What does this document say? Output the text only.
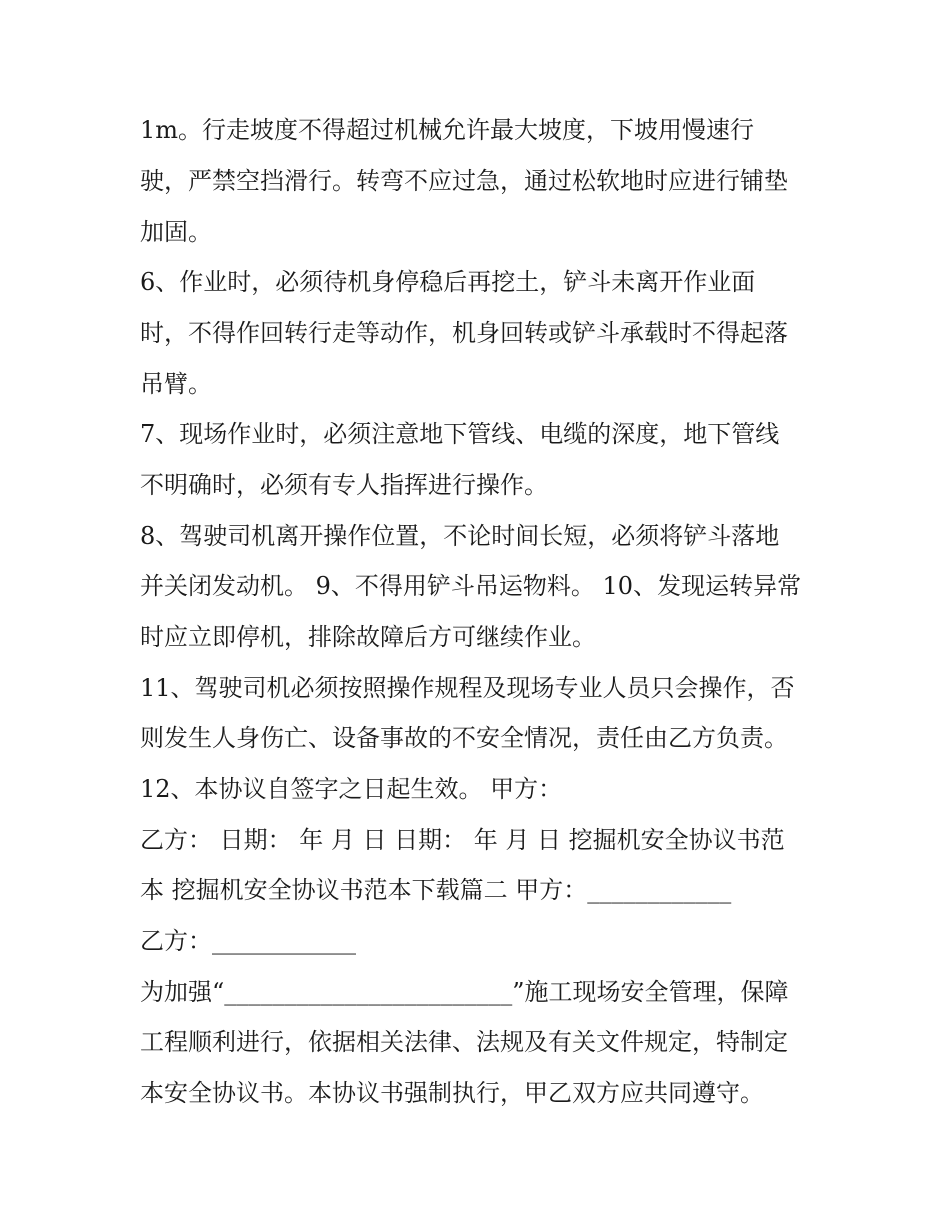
1m。行走坡度不得超过机械允许最大坡度，下坡用慢速行
驶，严禁空挡滑行。转弯不应过急，通过松软地时应进行铺垫
加固。
6、作业时，必须待机身停稳后再挖土，铲斗未离开作业面
时，不得作回转行走等动作，机身回转或铲斗承载时不得起落
吊臂。
7、现场作业时，必须注意地下管线、电缆的深度，地下管线
不明确时，必须有专人指挥进行操作。
8、驾驶司机离开操作位置，不论时间长短，必须将铲斗落地
并关闭发动机。 9、不得用铲斗吊运物料。 10、发现运转异常
时应立即停机，排除故障后方可继续作业。
11、驾驶司机必须按照操作规程及现场专业人员只会操作，否
则发生人身伤亡、设备事故的不安全情况，责任由乙方负责。
12、本协议自签字之日起生效。 甲方：
乙方： 日期： 年 月 日 日期： 年 月 日 挖掘机安全协议书范
本 挖掘机安全协议书范本下载篇二 甲方：____________
乙方：____________
为加强“________________________”施工现场安全管理，保障
工程顺利进行，依据相关法律、法规及有关文件规定，特制定
本安全协议书。本协议书强制执行，甲乙双方应共同遵守。
